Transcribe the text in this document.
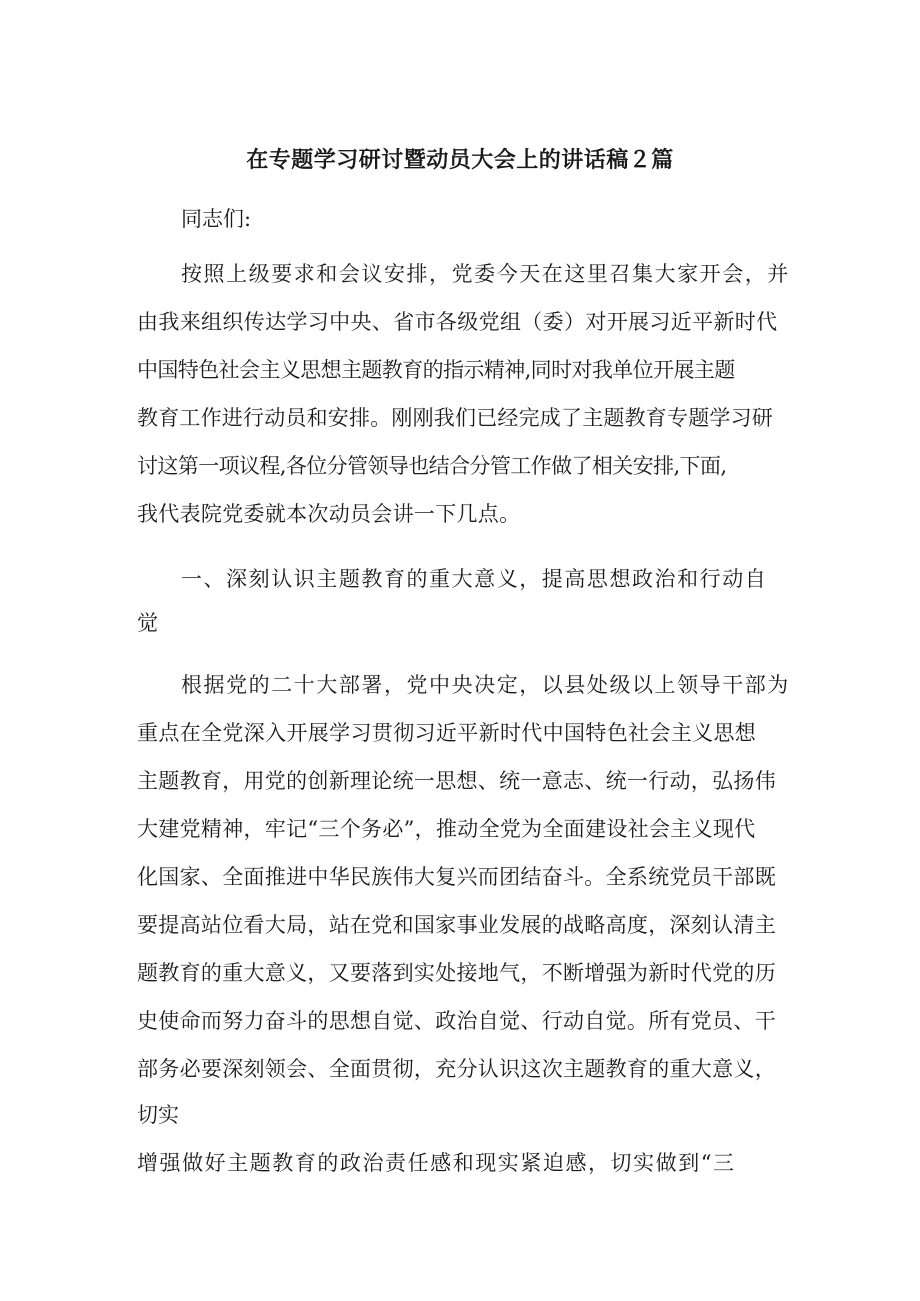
在专题学习研讨暨动员大会上的讲话稿２篇

同志们:

按照上级要求和会议安排，党委今天在这里召集大家开会，并

由我来组织传达学习中央、省市各级党组（委）对开展习近平新时代

中国特色社会主义思想主题教育的指示精神,同时对我单位开展主题

教育工作进行动员和安排。刚刚我们已经完成了主题教育专题学习研

讨这第一项议程,各位分管领导也结合分管工作做了相关安排,下面,

我代表院党委就本次动员会讲一下几点。

一、深刻认识主题教育的重大意义，提高思想政治和行动自

觉

根据党的二十大部署，党中央决定，以县处级以上领导干部为

重点在全党深入开展学习贯彻习近平新时代中国特色社会主义思想

主题教育，用党的创新理论统一思想、统一意志、统一行动，弘扬伟

大建党精神，牢记“三个务必”，推动全党为全面建设社会主义现代

化国家、全面推进中华民族伟大复兴而团结奋斗。全系统党员干部既

要提高站位看大局，站在党和国家事业发展的战略高度，深刻认清主

题教育的重大意义，又要落到实处接地气，不断增强为新时代党的历

史使命而努力奋斗的思想自觉、政治自觉、行动自觉。所有党员、干

部务必要深刻领会、全面贯彻，充分认识这次主题教育的重大意义，

切实

增强做好主题教育的政治责任感和现实紧迫感，切实做到“三
